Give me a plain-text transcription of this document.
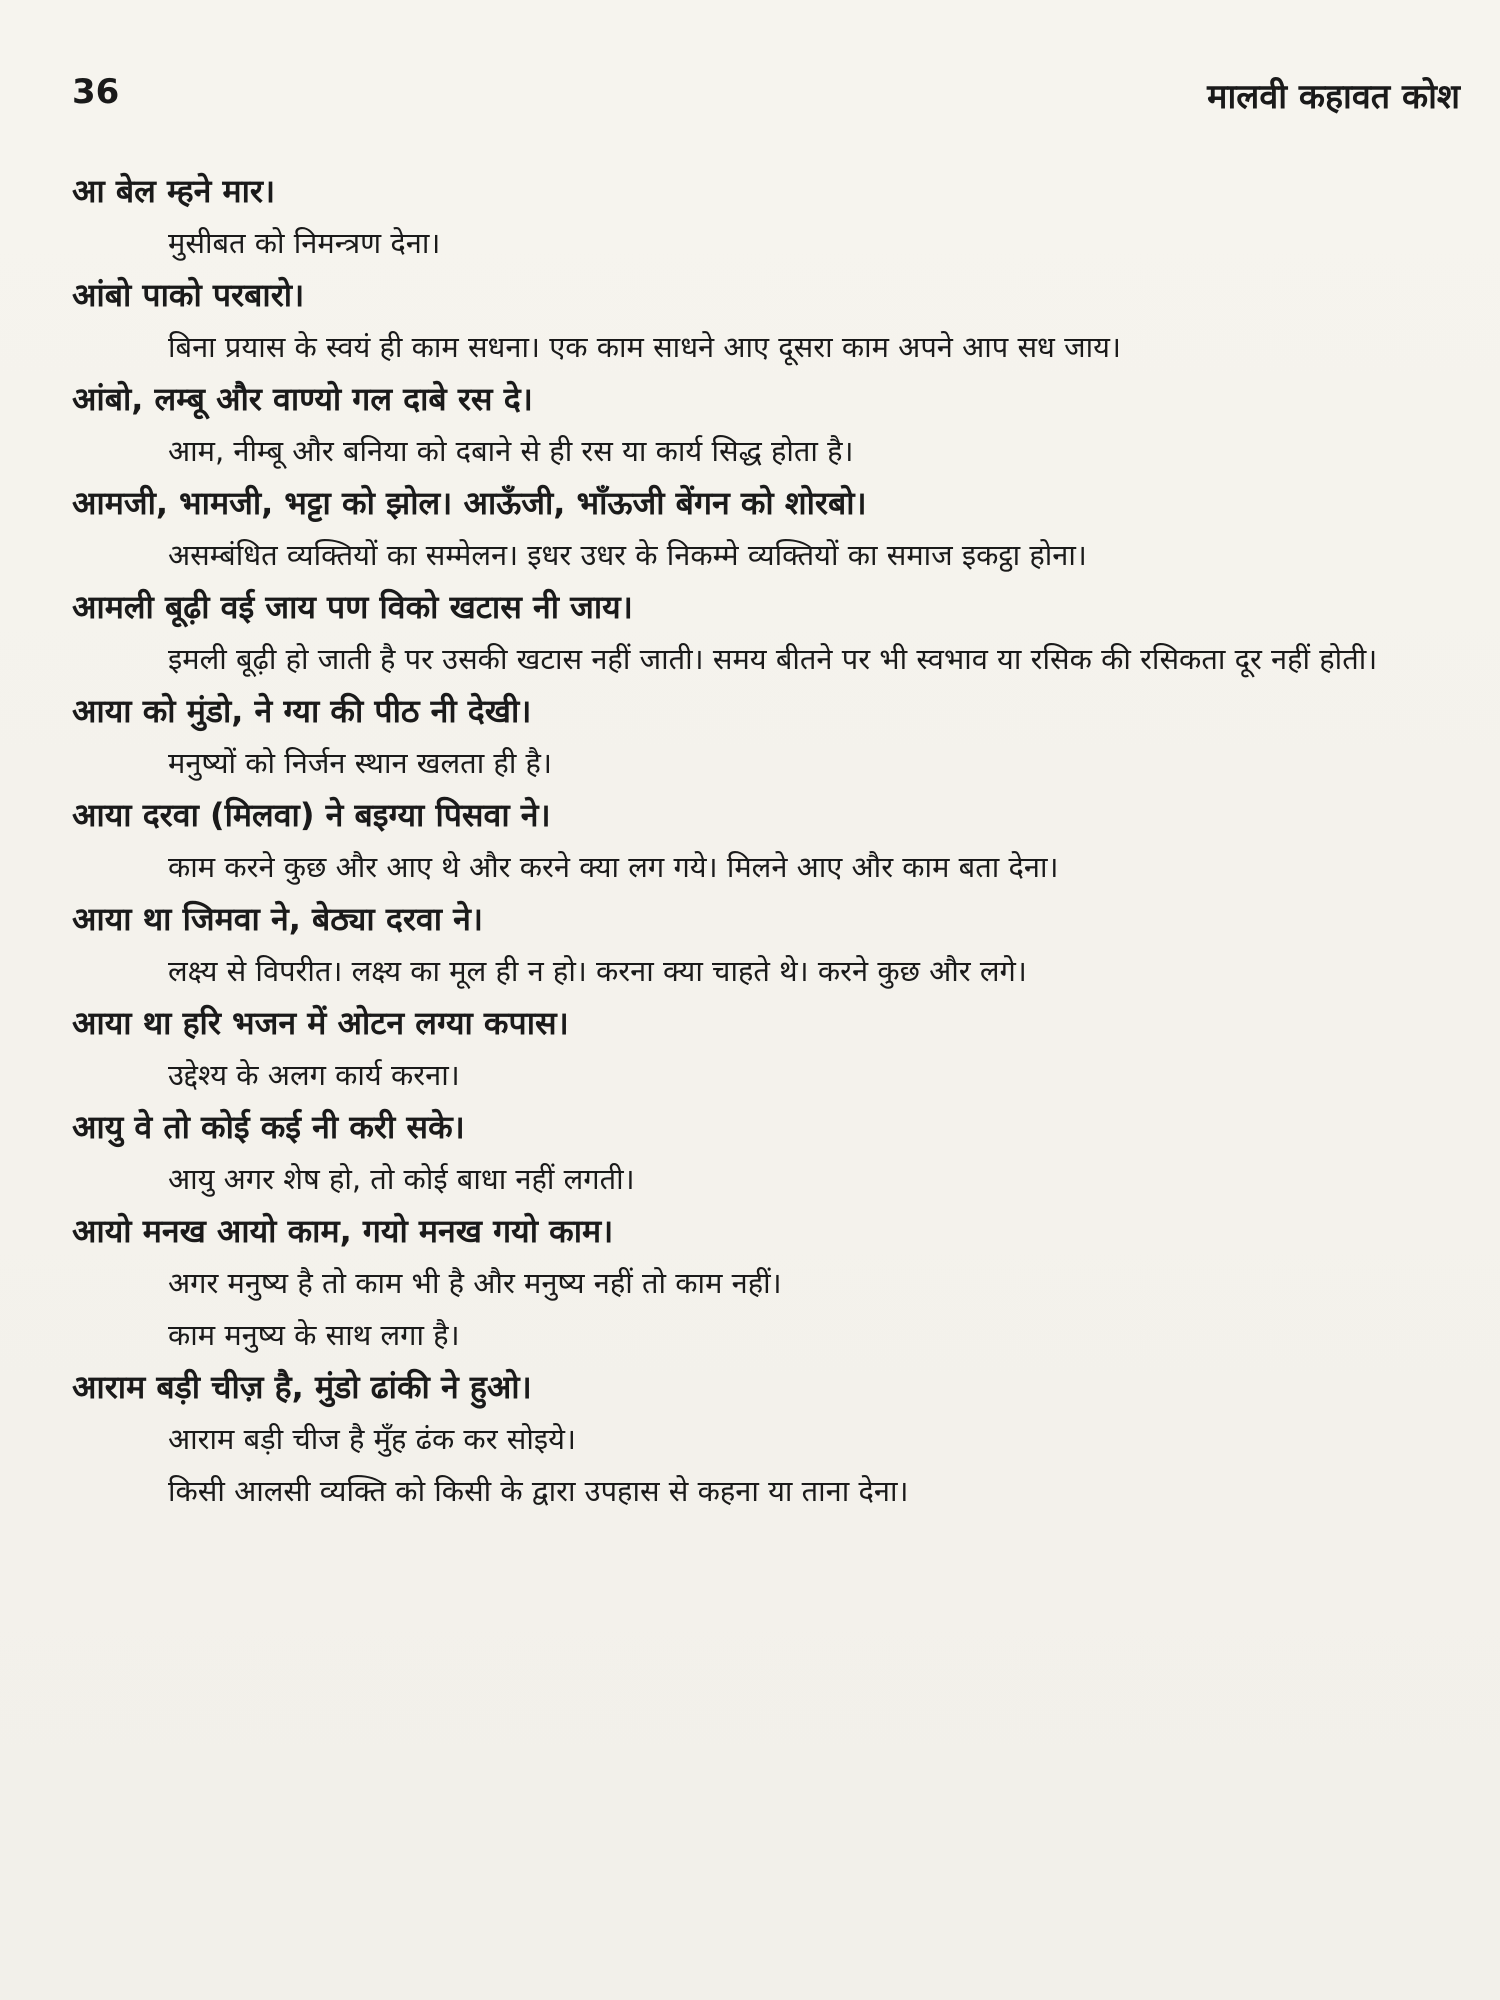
36	मालवी कहावत कोश
आ बेल म्हने मार।
मुसीबत को निमन्त्रण देना।
आंबो पाको परबारो।
बिना प्रयास के स्वयं ही काम सधना। एक काम साधने आए दूसरा काम अपने आप सध जाय।
आंबो, लम्बू और वाण्यो गल दाबे रस दे।
आम, नीम्बू और बनिया को दबाने से ही रस या कार्य सिद्ध होता है।
आमजी, भामजी, भट्टा को झोल। आऊँजी, भाँऊजी बेंगन को शोरबो।
असम्बंधित व्यक्तियों का सम्मेलन। इधर उधर के निकम्मे व्यक्तियों का समाज इकट्ठा होना।
आमली बूढ़ी वई जाय पण विको खटास नी जाय।
इमली बूढ़ी हो जाती है पर उसकी खटास नहीं जाती। समय बीतने पर भी स्वभाव या रसिक की रसिकता दूर नहीं होती।
आया को मुंडो, ने ग्या की पीठ नी देखी।
मनुष्यों को निर्जन स्थान खलता ही है।
आया दरवा (मिलवा) ने बइग्या पिसवा ने।
काम करने कुछ और आए थे और करने क्या लग गये। मिलने आए और काम बता देना।
आया था जिमवा ने, बेठ्या दरवा ने।
लक्ष्य से विपरीत। लक्ष्य का मूल ही न हो। करना क्या चाहते थे। करने कुछ और लगे।
आया था हरि भजन में ओटन लग्या कपास।
उद्देश्य के अलग कार्य करना।
आयु वे तो कोई कई नी करी सके।
आयु अगर शेष हो, तो कोई बाधा नहीं लगती।
आयो मनख आयो काम, गयो मनख गयो काम।
अगर मनुष्य है तो काम भी है और मनुष्य नहीं तो काम नहीं।
काम मनुष्य के साथ लगा है।
आराम बड़ी चीज़ है, मुंडो ढांकी ने हुओ।
आराम बड़ी चीज है मुँह ढंक कर सोइये।
किसी आलसी व्यक्ति को किसी के द्वारा उपहास से कहना या ताना देना।
